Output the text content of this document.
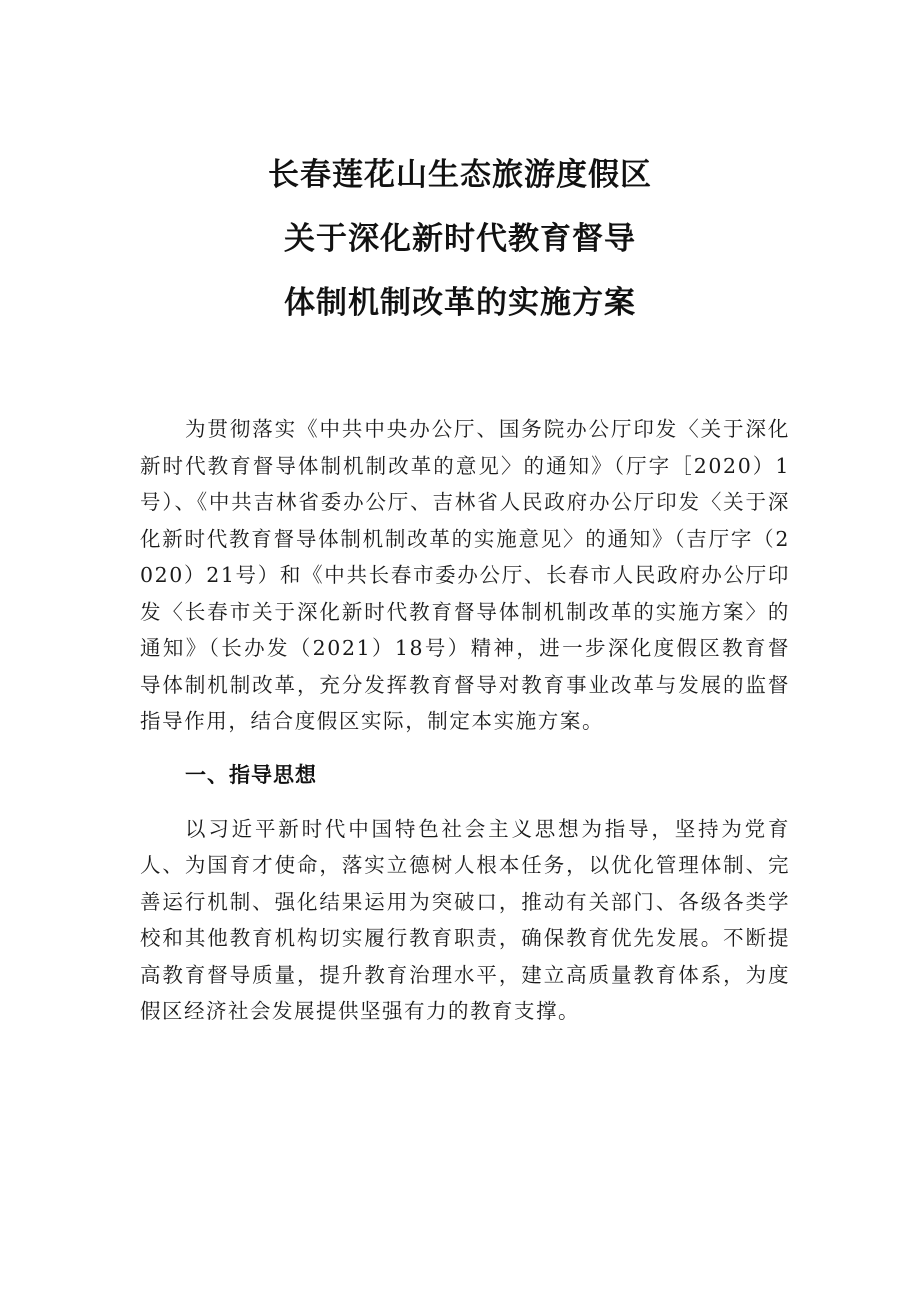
长春莲花山生态旅游度假区
关于深化新时代教育督导
体制机制改革的实施方案

为贯彻落实《中共中央办公厅、国务院办公厅印发〈关于深化新时代教育督导体制机制改革的意见〉的通知》（厅字［2020）1号）、《中共吉林省委办公厅、吉林省人民政府办公厅印发〈关于深化新时代教育督导体制机制改革的实施意见〉的通知》（吉厅字（2020）21号）和《中共长春市委办公厅、长春市人民政府办公厅印发〈长春市关于深化新时代教育督导体制机制改革的实施方案〉的通知》（长办发（2021）18号）精神，进一步深化度假区教育督导体制机制改革，充分发挥教育督导对教育事业改革与发展的监督指导作用，结合度假区实际，制定本实施方案。

一、指导思想

以习近平新时代中国特色社会主义思想为指导，坚持为党育人、为国育才使命，落实立德树人根本任务，以优化管理体制、完善运行机制、强化结果运用为突破口，推动有关部门、各级各类学校和其他教育机构切实履行教育职责，确保教育优先发展。不断提高教育督导质量，提升教育治理水平，建立高质量教育体系，为度假区经济社会发展提供坚强有力的教育支撑。
